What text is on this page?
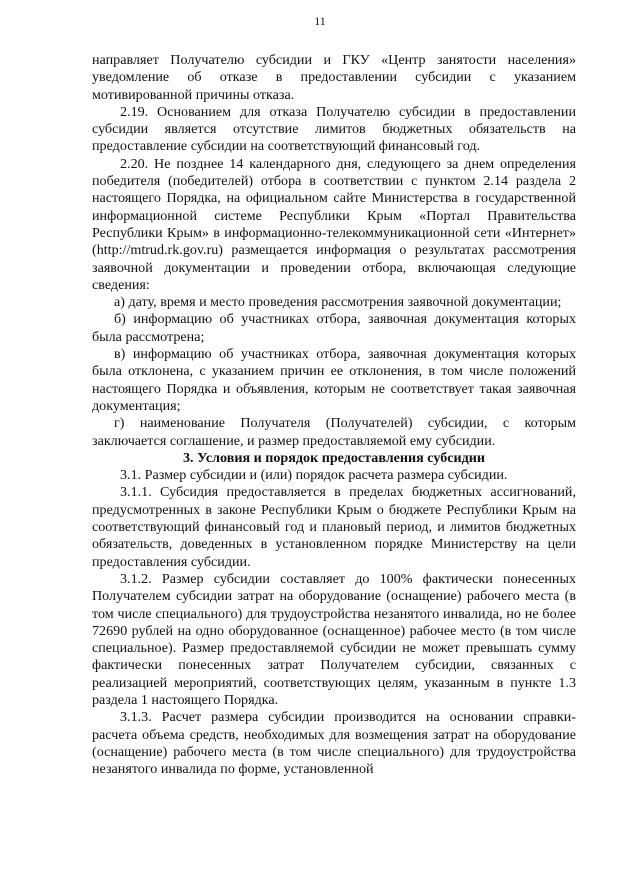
11

направляет Получателю субсидии и ГКУ «Центр занятости населения» уведомление об отказе в предоставлении субсидии с указанием мотивированной причины отказа.

2.19. Основанием для отказа Получателю субсидии в предоставлении субсидии является отсутствие лимитов бюджетных обязательств на предоставление субсидии на соответствующий финансовый год.

2.20. Не позднее 14 календарного дня, следующего за днем определения победителя (победителей) отбора в соответствии с пунктом 2.14 раздела 2 настоящего Порядка, на официальном сайте Министерства в государственной информационной системе Республики Крым «Портал Правительства Республики Крым» в информационно-телекоммуникационной сети «Интернет» (http://mtrud.rk.gov.ru) размещается информация о результатах рассмотрения заявочной документации и проведении отбора, включающая следующие сведения:

а) дату, время и место проведения рассмотрения заявочной документации;

б) информацию об участниках отбора, заявочная документация которых была рассмотрена;

в) информацию об участниках отбора, заявочная документация которых была отклонена, с указанием причин ее отклонения, в том числе положений настоящего Порядка и объявления, которым не соответствует такая заявочная документация;

г) наименование Получателя (Получателей) субсидии, с которым заключается соглашение, и размер предоставляемой ему субсидии.

3. Условия и порядок предоставления субсидии

3.1. Размер субсидии и (или) порядок расчета размера субсидии.

3.1.1. Субсидия предоставляется в пределах бюджетных ассигнований, предусмотренных в законе Республики Крым о бюджете Республики Крым на соответствующий финансовый год и плановый период, и лимитов бюджетных обязательств, доведенных в установленном порядке Министерству на цели предоставления субсидии.

3.1.2. Размер субсидии составляет до 100% фактически понесенных Получателем субсидии затрат на оборудование (оснащение) рабочего места (в том числе специального) для трудоустройства незанятого инвалида, но не более 72690 рублей на одно оборудованное (оснащенное) рабочее место (в том числе специальное). Размер предоставляемой субсидии не может превышать сумму фактически понесенных затрат Получателем субсидии, связанных с реализацией мероприятий, соответствующих целям, указанным в пункте 1.3 раздела 1 настоящего Порядка.

3.1.3. Расчет размера субсидии производится на основании справки-расчета объема средств, необходимых для возмещения затрат на оборудование (оснащение) рабочего места (в том числе специального) для трудоустройства незанятого инвалида по форме, установленной
